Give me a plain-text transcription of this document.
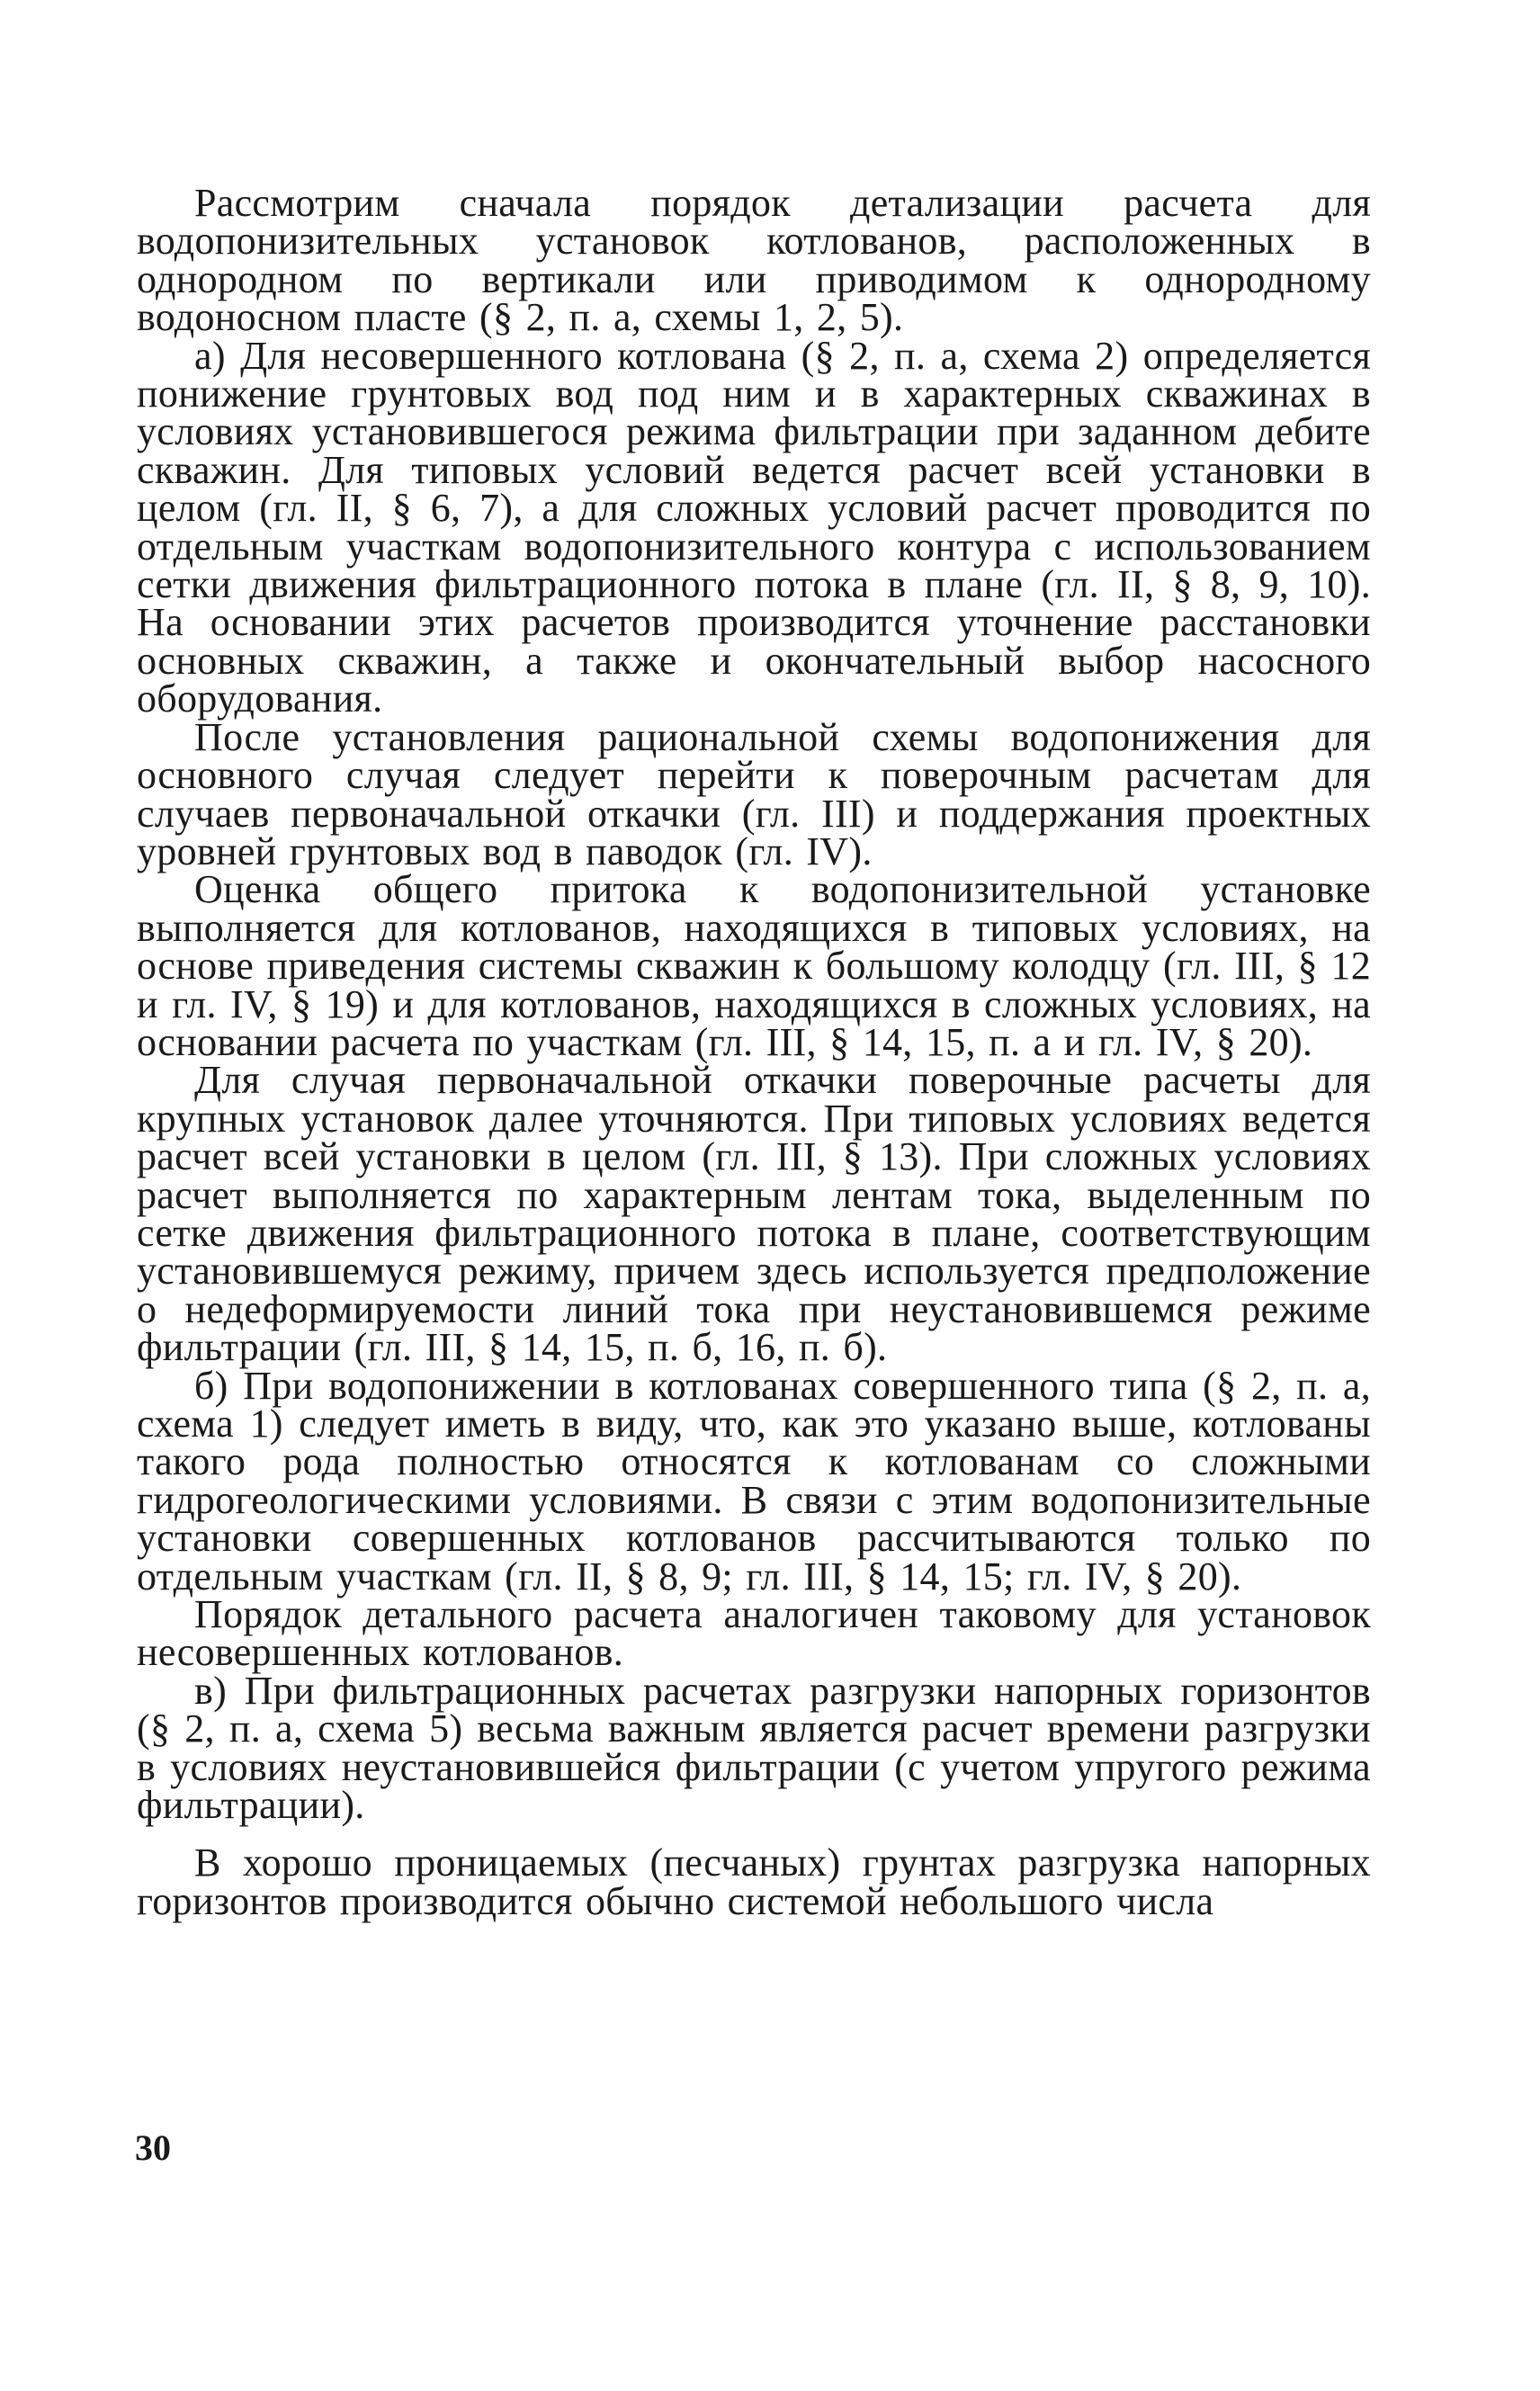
Рассмотрим сначала порядок детализации расчета для водопонизительных установок котлованов, расположенных в однородном по вертикали или приводимом к однородному водоносном пласте (§ 2, п. а, схемы 1, 2, 5).

а) Для несовершенного котлована (§ 2, п. а, схема 2) определяется понижение грунтовых вод под ним и в характерных скважинах в условиях установившегося режима фильтрации при заданном дебите скважин. Для типовых условий ведется расчет всей установки в целом (гл. II, § 6, 7), а для сложных условий расчет проводится по отдельным участкам водопонизительного контура с использованием сетки движения фильтрационного потока в плане (гл. II, § 8, 9, 10). На основании этих расчетов производится уточнение расстановки основных скважин, а также и окончательный выбор насосного оборудования.

После установления рациональной схемы водопонижения для основного случая следует перейти к поверочным расчетам для случаев первоначальной откачки (гл. III) и поддержания проектных уровней грунтовых вод в паводок (гл. IV).

Оценка общего притока к водопонизительной установке выполняется для котлованов, находящихся в типовых условиях, на основе приведения системы скважин к большому колодцу (гл. III, § 12 и гл. IV, § 19) и для котлованов, находящихся в сложных условиях, на основании расчета по участкам (гл. III, § 14, 15, п. а и гл. IV, § 20).

Для случая первоначальной откачки поверочные расчеты для крупных установок далее уточняются. При типовых условиях ведется расчет всей установки в целом (гл. III, § 13). При сложных условиях расчет выполняется по характерным лентам тока, выделенным по сетке движения фильтрационного потока в плане, соответствующим установившемуся режиму, причем здесь используется предположение о недеформируемости линий тока при неустановившемся режиме фильтрации (гл. III, § 14, 15, п. б, 16, п. б).

б) При водопонижении в котлованах совершенного типа (§ 2, п. а, схема 1) следует иметь в виду, что, как это указано выше, котлованы такого рода полностью относятся к котлованам со сложными гидрогеологическими условиями. В связи с этим водопонизительные установки совершенных котлованов рассчитываются только по отдельным участкам (гл. II, § 8, 9; гл. III, § 14, 15; гл. IV, § 20).

Порядок детального расчета аналогичен таковому для установок несовершенных котлованов.

в) При фильтрационных расчетах разгрузки напорных горизонтов (§ 2, п. а, схема 5) весьма важным является расчет времени разгрузки в условиях неустановившейся фильтрации (с учетом упругого режима фильтрации).

В хорошо проницаемых (песчаных) грунтах разгрузка напорных горизонтов производится обычно системой небольшого числа

30
